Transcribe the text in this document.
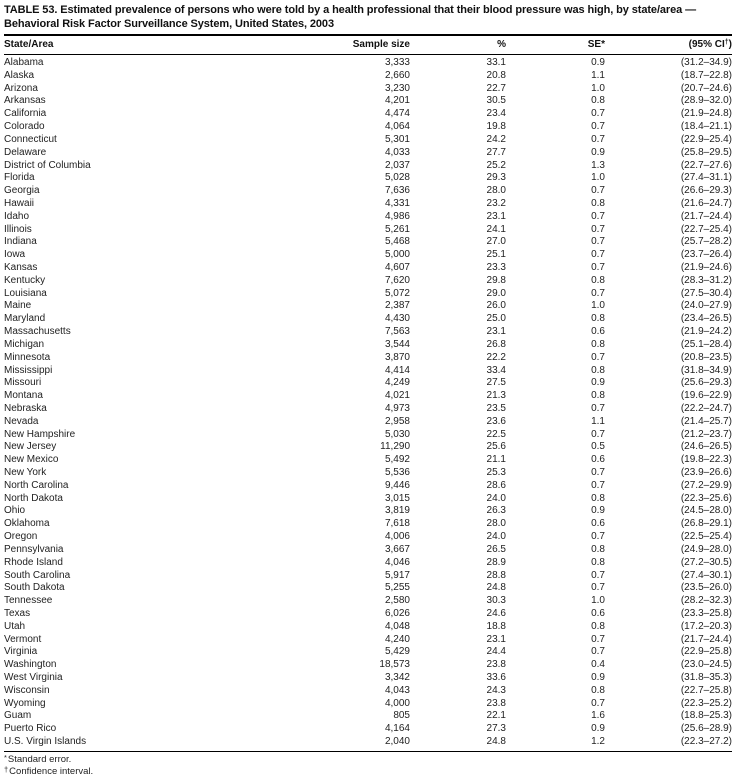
TABLE 53. Estimated prevalence of persons who were told by a health professional that their blood pressure was high, by state/area — Behavioral Risk Factor Surveillance System, United States, 2003
State/Area	Sample size	%	SE*	(95% CI†)
Alabama	3,333	33.1	0.9	(31.2–34.9)
Alaska	2,660	20.8	1.1	(18.7–22.8)
Arizona	3,230	22.7	1.0	(20.7–24.6)
Arkansas	4,201	30.5	0.8	(28.9–32.0)
California	4,474	23.4	0.7	(21.9–24.8)
Colorado	4,064	19.8	0.7	(18.4–21.1)
Connecticut	5,301	24.2	0.7	(22.9–25.4)
Delaware	4,033	27.7	0.9	(25.8–29.5)
District of Columbia	2,037	25.2	1.3	(22.7–27.6)
Florida	5,028	29.3	1.0	(27.4–31.1)
Georgia	7,636	28.0	0.7	(26.6–29.3)
Hawaii	4,331	23.2	0.8	(21.6–24.7)
Idaho	4,986	23.1	0.7	(21.7–24.4)
Illinois	5,261	24.1	0.7	(22.7–25.4)
Indiana	5,468	27.0	0.7	(25.7–28.2)
Iowa	5,000	25.1	0.7	(23.7–26.4)
Kansas	4,607	23.3	0.7	(21.9–24.6)
Kentucky	7,620	29.8	0.8	(28.3–31.2)
Louisiana	5,072	29.0	0.7	(27.5–30.4)
Maine	2,387	26.0	1.0	(24.0–27.9)
Maryland	4,430	25.0	0.8	(23.4–26.5)
Massachusetts	7,563	23.1	0.6	(21.9–24.2)
Michigan	3,544	26.8	0.8	(25.1–28.4)
Minnesota	3,870	22.2	0.7	(20.8–23.5)
Mississippi	4,414	33.4	0.8	(31.8–34.9)
Missouri	4,249	27.5	0.9	(25.6–29.3)
Montana	4,021	21.3	0.8	(19.6–22.9)
Nebraska	4,973	23.5	0.7	(22.2–24.7)
Nevada	2,958	23.6	1.1	(21.4–25.7)
New Hampshire	5,030	22.5	0.7	(21.2–23.7)
New Jersey	11,290	25.6	0.5	(24.6–26.5)
New Mexico	5,492	21.1	0.6	(19.8–22.3)
New York	5,536	25.3	0.7	(23.9–26.6)
North Carolina	9,446	28.6	0.7	(27.2–29.9)
North Dakota	3,015	24.0	0.8	(22.3–25.6)
Ohio	3,819	26.3	0.9	(24.5–28.0)
Oklahoma	7,618	28.0	0.6	(26.8–29.1)
Oregon	4,006	24.0	0.7	(22.5–25.4)
Pennsylvania	3,667	26.5	0.8	(24.9–28.0)
Rhode Island	4,046	28.9	0.8	(27.2–30.5)
South Carolina	5,917	28.8	0.7	(27.4–30.1)
South Dakota	5,255	24.8	0.7	(23.5–26.0)
Tennessee	2,580	30.3	1.0	(28.2–32.3)
Texas	6,026	24.6	0.6	(23.3–25.8)
Utah	4,048	18.8	0.8	(17.2–20.3)
Vermont	4,240	23.1	0.7	(21.7–24.4)
Virginia	5,429	24.4	0.7	(22.9–25.8)
Washington	18,573	23.8	0.4	(23.0–24.5)
West Virginia	3,342	33.6	0.9	(31.8–35.3)
Wisconsin	4,043	24.3	0.8	(22.7–25.8)
Wyoming	4,000	23.8	0.7	(22.3–25.2)
Guam	805	22.1	1.6	(18.8–25.3)
Puerto Rico	4,164	27.3	0.9	(25.6–28.9)
U.S. Virgin Islands	2,040	24.8	1.2	(22.3–27.2)
*Standard error.
†Confidence interval.
